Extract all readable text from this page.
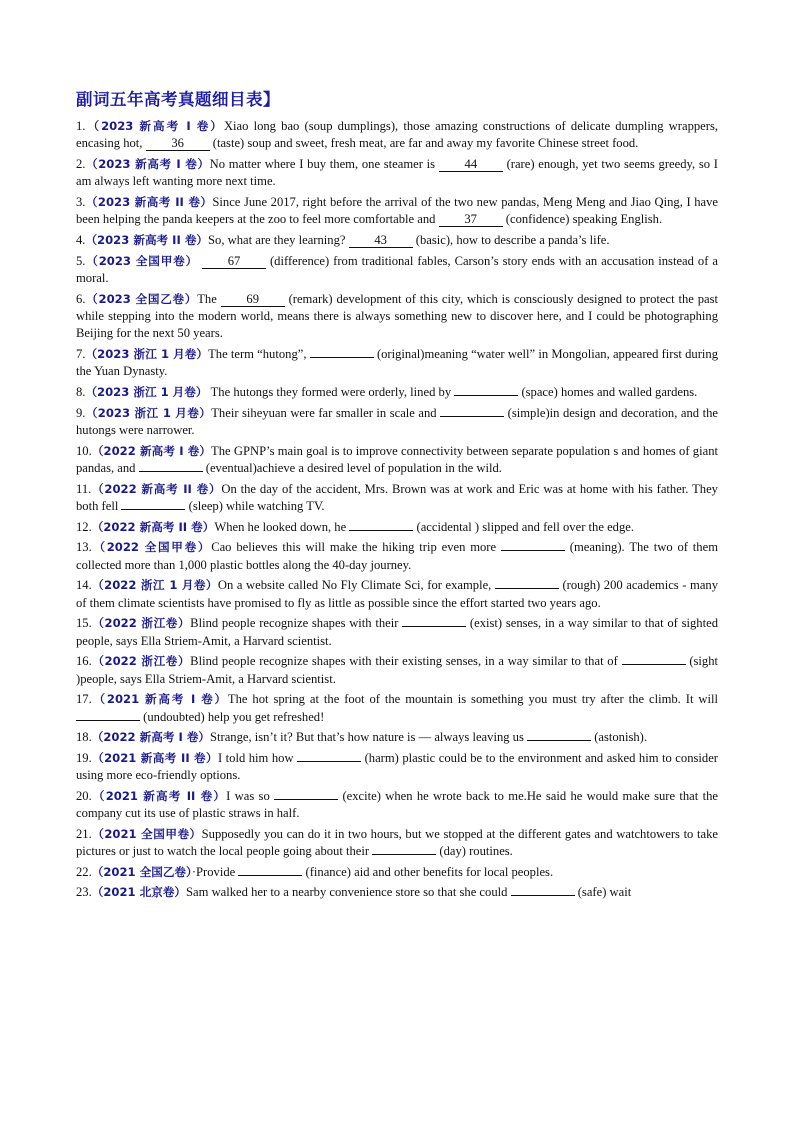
副词五年高考真题细目表】
1.（2023 新高考 I 卷）Xiao long bao (soup dumplings), those amazing constructions of delicate dumpling wrappers, encasing hot, 36 (taste) soup and sweet, fresh meat, are far and away my favorite Chinese street food.
2.（2023 新高考 I 卷）No matter where I buy them, one steamer is 44 (rare) enough, yet two seems greedy, so I am always left wanting more next time.
3.（2023 新高考 II 卷）Since June 2017, right before the arrival of the two new pandas, Meng Meng and Jiao Qing, I have been helping the panda keepers at the zoo to feel more comfortable and 37 (confidence) speaking English.
4.（2023 新高考 II 卷）So, what are they learning? 43 (basic), how to describe a panda’s life.
5.（2023 全国甲卷） 67 (difference) from traditional fables, Carson’s story ends with an accusation instead of a moral.
6.（2023 全国乙卷）The 69 (remark) development of this city, which is consciously designed to protect the past while stepping into the modern world, means there is always something new to discover here, and I could be photographing Beijing for the next 50 years.
7.（2023 浙江 1 月卷）The term “hutong”,	(original)meaning “water well” in Mongolian, appeared first during the Yuan Dynasty.
8.（2023 浙江 1 月卷） The hutongs they formed were orderly, lined by	(space) homes and walled gardens.
9.（2023 浙江 1 月卷）Their siheyuan were far smaller in scale and	(simple)in design and decoration, and the hutongs were narrower.
10.（2022 新高考 I 卷）The GPNP’s main goal is to improve connectivity between separate population s and homes of giant pandas, and	(eventual)achieve a desired level of population in the wild.
11.（2022 新高考 II 卷）On the day of the accident, Mrs. Brown was at work and Eric was at home with his father. They both fell	(sleep) while watching TV.
12.（2022 新高考 II 卷）When he looked down, he	(accidental ) slipped and fell over the edge.
13.（2022 全国甲卷）Cao believes this will make the hiking trip even more	(meaning). The two of them collected more than 1,000 plastic bottles along the 40-day journey.
14.（2022 浙江 1 月卷）On a website called No Fly Climate Sci, for example,	(rough) 200 academics - many of them climate scientists have promised to fly as little as possible since the effort started two years ago.
15.（2022 浙江卷）Blind people recognize shapes with their	(exist) senses, in a way similar to that of sighted people, says Ella Striem-Amit, a Harvard scientist.
16.（2022 浙江卷）Blind people recognize shapes with their existing senses, in a way similar to that of	(sight )people, says Ella Striem-Amit, a Harvard scientist.
17.（2021 新高考 I 卷）The hot spring at the foot of the mountain is something you must try after the climb. It will  (undoubted) help you get refreshed!
18.（2022 新高考 I 卷）Strange, isn’t it? But that’s how nature is — always leaving us	(astonish).
19.（2021 新高考 II 卷）I told him how	(harm) plastic could be to the environment and asked him to consider using more eco-friendly options.
20.（2021 新高考 II 卷）I was so	(excite) when he wrote back to me.He said he would make sure that the company cut its use of plastic straws in half.
21.（2021 全国甲卷）Supposedly you can do it in two hours, but we stopped at the different gates and watchtowers to take pictures or just to watch the local people going about their	(day) routines.
22.（2021 全国乙卷）·Provide	(finance) aid and other benefits for local peoples.
23.（2021 北京卷）Sam walked her to a nearby convenience store so that she could	(safe) wait
